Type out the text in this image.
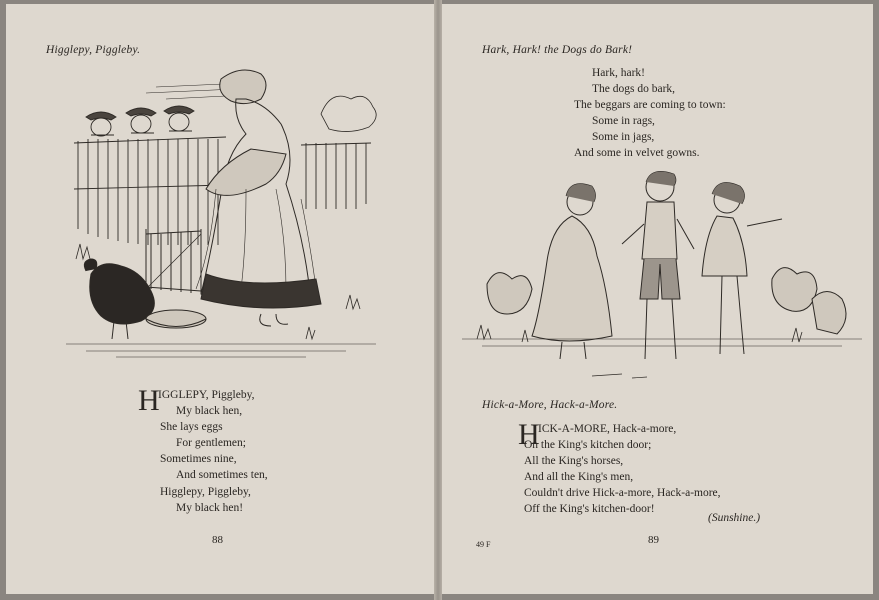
Higglepy, Piggleby.
H
IGGLEPY, Piggleby,
My black hen,
She lays eggs
For gentlemen;
Sometimes nine,
And sometimes ten,
Higglepy, Piggleby,
My black hen!
88
Hark, Hark! the Dogs do Bark!
Hark, hark!
The dogs do bark,
The beggars are coming to town:
Some in rags,
Some in jags,
And some in velvet gowns.
Hick-a-More, Hack-a-More.
H
ICK-A-MORE, Hack-a-more,
On the King's kitchen door;
All the King's horses,
And all the King's men,
Couldn't drive Hick-a-more, Hack-a-more,
Off the King's kitchen-door!
(Sunshine.)
49 F	89
